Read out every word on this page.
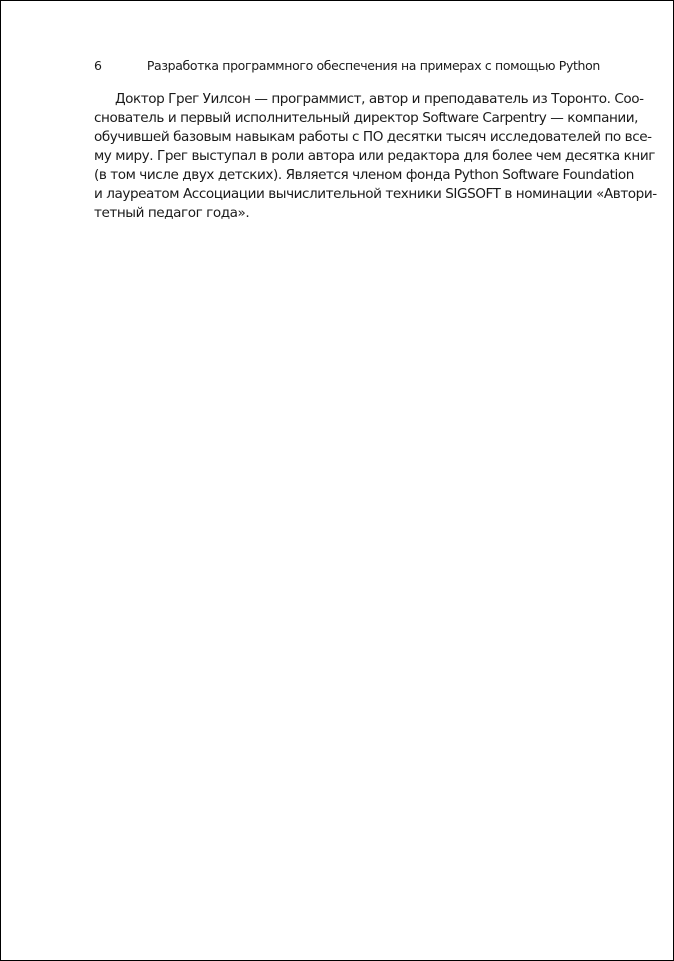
6	Разработка программного обеспечения на примерах с помощью Python
Доктор Грег Уилсон — программист, автор и преподаватель из Торонто. Соо-
снователь и первый исполнительный директор Software Carpentry — компании,
обучившей базовым навыкам работы с ПО десятки тысяч исследователей по все-
му миру. Грег выступал в роли автора или редактора для более чем десятка книг
(в том числе двух детских). Является членом фонда Python Software Foundation
и лауреатом Ассоциации вычислительной техники SIGSOFT в номинации «Автори-
тетный педагог года».
